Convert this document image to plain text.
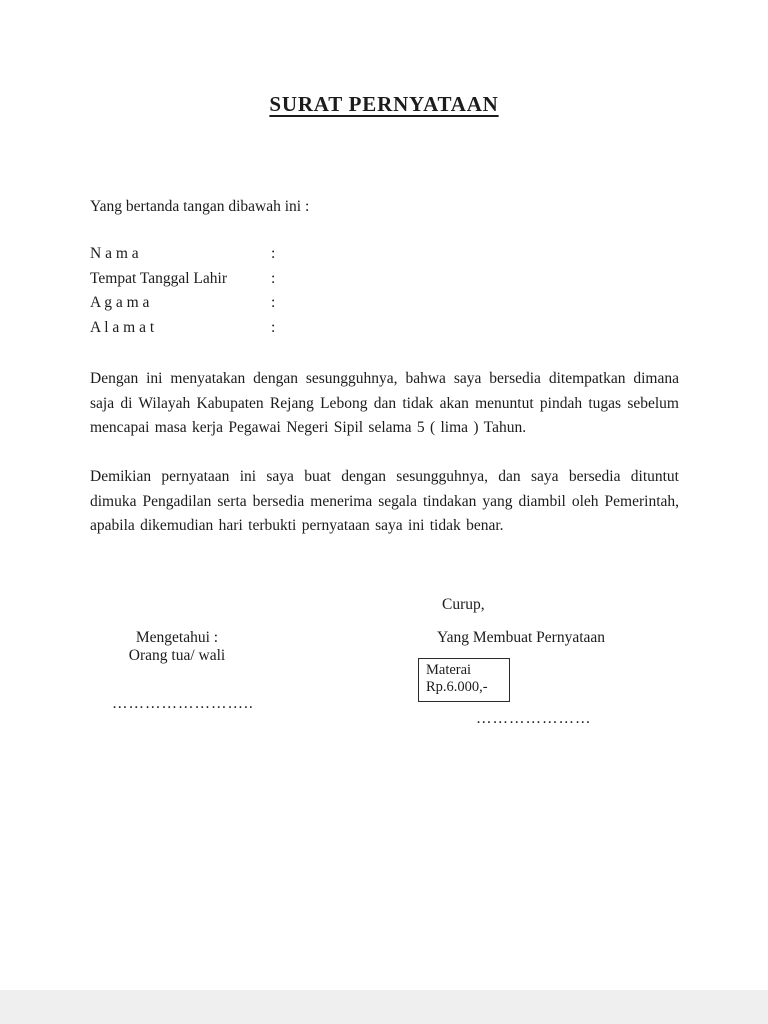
SURAT PERNYATAAN
Yang bertanda tangan dibawah ini :
N a m a	:
Tempat Tanggal Lahir	:
A g a m a	:
A l a m a t	:
Dengan ini menyatakan dengan sesungguhnya, bahwa saya bersedia ditempatkan dimana saja di Wilayah Kabupaten Rejang Lebong dan tidak akan menuntut pindah tugas sebelum mencapai masa kerja Pegawai Negeri Sipil selama 5 ( lima ) Tahun.
Demikian pernyataan ini saya buat dengan sesungguhnya, dan saya bersedia dituntut dimuka Pengadilan serta bersedia menerima segala tindakan yang diambil oleh Pemerintah, apabila dikemudian hari terbukti pernyataan saya ini tidak benar.
Curup,
Mengetahui :
Orang tua/ wali
Yang Membuat Pernyataan
Materai
Rp.6.000,-
……………………..
…………………
